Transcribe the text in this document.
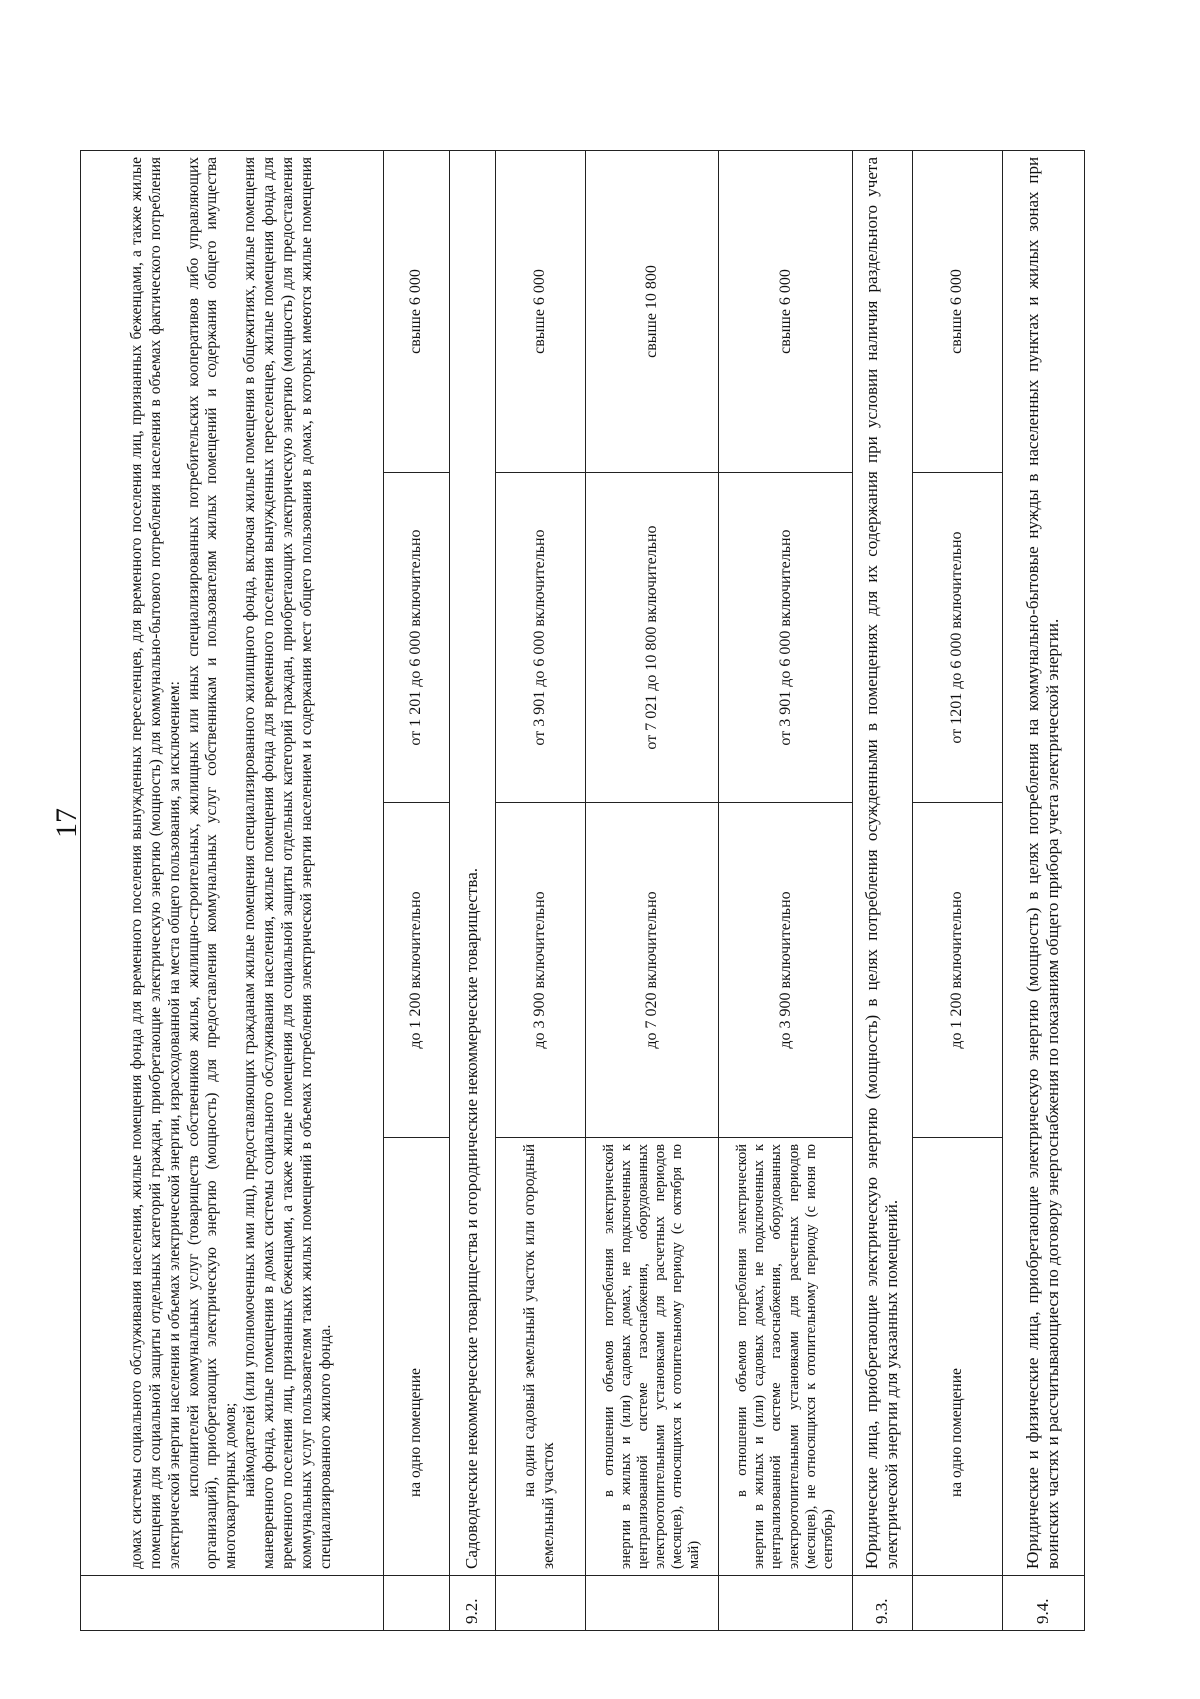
17

	домах системы социального обслуживания населения, жилые помещения фонда для временного поселения вынужденных переселенцев, для временного поселения лиц, признанных беженцами, а также жилые помещения для социальной защиты отдельных категорий граждан, приобретающие электрическую энергию (мощность) для коммунально-бытового потребления населения в объемах фактического потребления электрической энергии населения и объемах электрической энергии, израсходованной на места общего пользования, за исключением: исполнителей коммунальных услуг (товариществ собственников жилья, жилищно-строительных, жилищных или иных специализированных потребительских кооперативов либо управляющих организаций), приобретающих электрическую энергию (мощность) для предоставления коммунальных услуг собственникам и пользователям жилых помещений и содержания общего имущества многоквартирных домов; наймодателей (или уполномоченных ими лиц), предоставляющих гражданам жилые помещения специализированного жилищного фонда, включая жилые помещения в общежитиях, жилые помещения маневренного фонда, жилые помещения в домах системы социального обслуживания населения, жилые помещения фонда для временного поселения вынужденных переселенцев, жилые помещения фонда для временного поселения лиц, признанных беженцами, а также жилые помещения для социальной защиты отдельных категорий граждан, приобретающих электрическую энергию (мощность) для предоставления коммунальных услуг пользователям таких жилых помещений в объемах потребления электрической энергии населением и содержания мест общего пользования в домах, в которых имеются жилые помещения специализированного жилого фонда.			

	на одно помещение	до 1 200 включительно	от 1 201 до 6 000 включительно	свыше 6 000
9.2.	Садоводческие некоммерческие товарищества и огороднические некоммерческие товарищества.			

	на один садовый земельный участок или огородный земельный участок	до 3 900 включительно	от 3 901 до 6 000 включительно	свыше 6 000

	в отношении объемов потребления электрической энергии в жилых и (или) садовых домах, не подключенных к централизованной системе газоснабжения, оборудованных электроотопительными установками для расчетных периодов (месяцев), относящихся к отопительному периоду (с октября по май)	до 7 020 включительно	от 7 021 до 10 800 включительно	свыше 10 800

	в отношении объемов потребления электрической энергии в жилых и (или) садовых домах, не подключенных к централизованной системе газоснабжения, оборудованных электроотопительными установками для расчетных периодов (месяцев), не относящихся к отопительному периоду (с июня по сентябрь)	до 3 900 включительно	от 3 901 до 6 000 включительно	свыше 6 000
9.3.	Юридические лица, приобретающие электрическую энергию (мощность) в целях потребления осужденными в помещениях для их содержания при условии наличия раздельного учета электрической энергии для указанных помещений.			

	на одно помещение	до 1 200 включительно	от 1201 до 6 000 включительно	свыше 6 000
9.4.	Юридические и физические лица, приобретающие электрическую энергию (мощность) в целях потребления на коммунально-бытовые нужды в населенных пунктах и жилых зонах при воинских частях и рассчитывающиеся по договору энергоснабжения по показаниям общего прибора учета электрической энергии.			
